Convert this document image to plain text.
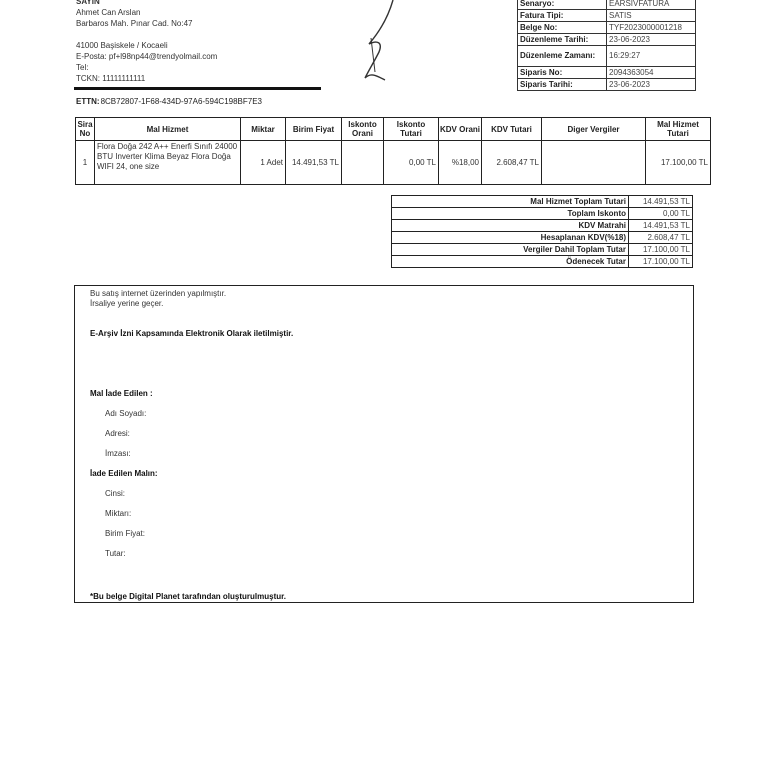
SAYIN
Ahmet Can Arslan
Barbaros Mah. Pınar Cad. No:47
41000 Başiskele / Kocaeli
E-Posta: pf+l98np44@trendyolmail.com
Tel:
TCKN: 11111111111
ETTN:8CB72807-1F68-434D-97A6-594C198BF7E3
Senaryo:	EARSIVFATURA
Fatura Tipi:	SATIS
Belge No:	TYF2023000001218
Düzenleme Tarihi:	23-06-2023
Düzenleme Zamanı:	16:29:27
Siparis No:	2094363054
Siparis Tarihi:	23-06-2023
Sira No	Mal Hizmet	Miktar	Birim Fiyat	Iskonto Orani	Iskonto Tutari	KDV Orani	KDV Tutari	Diger Vergiler	Mal Hizmet Tutari
1	Flora Doğa 242 A++ Enerfi Sınıfı 24000 BTU Inverter Klima Beyaz Flora Doğa WIFI 24, one size	1 Adet	14.491,53 TL		0,00 TL	%18,00	2.608,47 TL		17.100,00 TL
Mal Hizmet Toplam Tutari	14.491,53 TL
Toplam Iskonto	0,00 TL
KDV Matrahi	14.491,53 TL
Hesaplanan KDV(%18)	2.608,47 TL
Vergiler Dahil Toplam Tutar	17.100,00 TL
Ödenecek Tutar	17.100,00 TL
Bu satış internet üzerinden yapılmıştır.
İrsaliye yerine geçer.
E-Arşiv İzni Kapsamında Elektronik Olarak iletilmiştir.
Mal İade Edilen :
Adı Soyadı:
Adresi:
İmzası:
İade Edilen Malın:
Cinsi:
Miktarı:
Birim Fiyat:
Tutar:
*Bu belge Digital Planet tarafından oluşturulmuştur.
